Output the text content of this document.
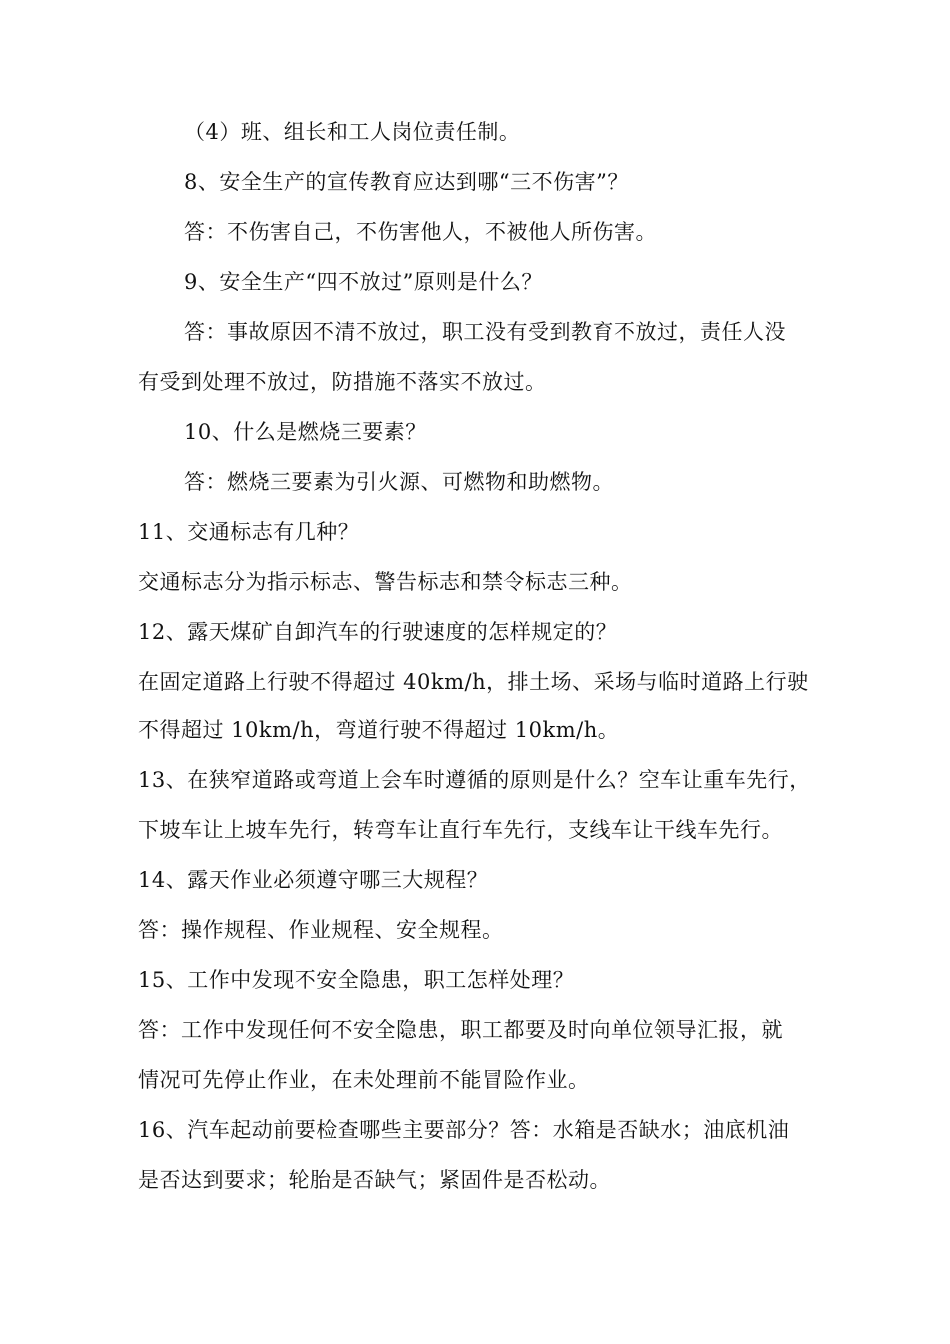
（4）班、组长和工人岗位责任制。
8、安全生产的宣传教育应达到哪“三不伤害”？
答：不伤害自己，不伤害他人，不被他人所伤害。
9、安全生产“四不放过”原则是什么？
答：事故原因不清不放过，职工没有受到教育不放过，责任人没
有受到处理不放过，防措施不落实不放过。
10、什么是燃烧三要素？
答：燃烧三要素为引火源、可燃物和助燃物。
11、交通标志有几种？
交通标志分为指示标志、警告标志和禁令标志三种。
12、露天煤矿自卸汽车的行驶速度的怎样规定的？
在固定道路上行驶不得超过 40km/h，排土场、采场与临时道路上行驶
不得超过 10km/h，弯道行驶不得超过 10km/h。
13、在狭窄道路或弯道上会车时遵循的原则是什么？空车让重车先行，
下坡车让上坡车先行，转弯车让直行车先行，支线车让干线车先行。
14、露天作业必须遵守哪三大规程？
答：操作规程、作业规程、安全规程。
15、工作中发现不安全隐患，职工怎样处理？
答：工作中发现任何不安全隐患，职工都要及时向单位领导汇报，就
情况可先停止作业，在未处理前不能冒险作业。
16、汽车起动前要检查哪些主要部分？答：水箱是否缺水；油底机油
是否达到要求；轮胎是否缺气；紧固件是否松动。
